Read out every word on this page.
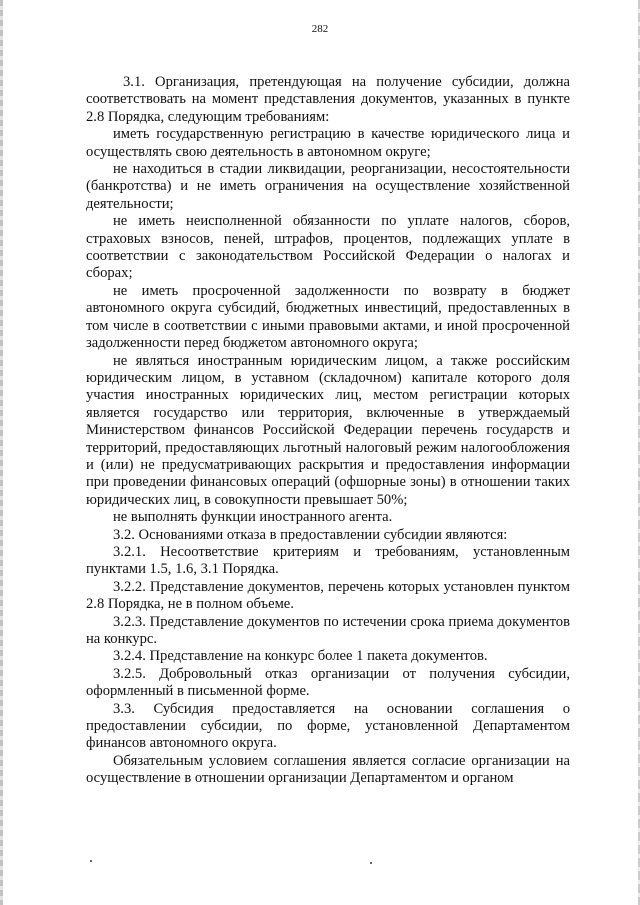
282

3.1. Организация, претендующая на получение субсидии, должна соответствовать на момент представления документов, указанных в пункте 2.8 Порядка, следующим требованиям:

иметь государственную регистрацию в качестве юридического лица и осуществлять свою деятельность в автономном округе;

не находиться в стадии ликвидации, реорганизации, несостоятельности (банкротства) и не иметь ограничения на осуществление хозяйственной деятельности;

не иметь неисполненной обязанности по уплате налогов, сборов, страховых взносов, пеней, штрафов, процентов, подлежащих уплате в соответствии с законодательством Российской Федерации о налогах и сборах;

не иметь просроченной задолженности по возврату в бюджет автономного округа субсидий, бюджетных инвестиций, предоставленных в том числе в соответствии с иными правовыми актами, и иной просроченной задолженности перед бюджетом автономного округа;

не являться иностранным юридическим лицом, а также российским юридическим лицом, в уставном (складочном) капитале которого доля участия иностранных юридических лиц, местом регистрации которых является государство или территория, включенные в утверждаемый Министерством финансов Российской Федерации перечень государств и территорий, предоставляющих льготный налоговый режим налогообложения и (или) не предусматривающих раскрытия и предоставления информации при проведении финансовых операций (офшорные зоны) в отношении таких юридических лиц, в совокупности превышает 50%;

не выполнять функции иностранного агента.

3.2. Основаниями отказа в предоставлении субсидии являются:

3.2.1. Несоответствие критериям и требованиям, установленным пунктами 1.5, 1.6, 3.1 Порядка.

3.2.2. Представление документов, перечень которых установлен пунктом 2.8 Порядка, не в полном объеме.

3.2.3. Представление документов по истечении срока приема документов на конкурс.

3.2.4. Представление на конкурс более 1 пакета документов.

3.2.5. Добровольный отказ организации от получения субсидии, оформленный в письменной форме.

3.3. Субсидия предоставляется на основании соглашения о предоставлении субсидии, по форме, установленной Департаментом финансов автономного округа.

Обязательным условием соглашения является согласие организации на осуществление в отношении организации Департаментом и органом
